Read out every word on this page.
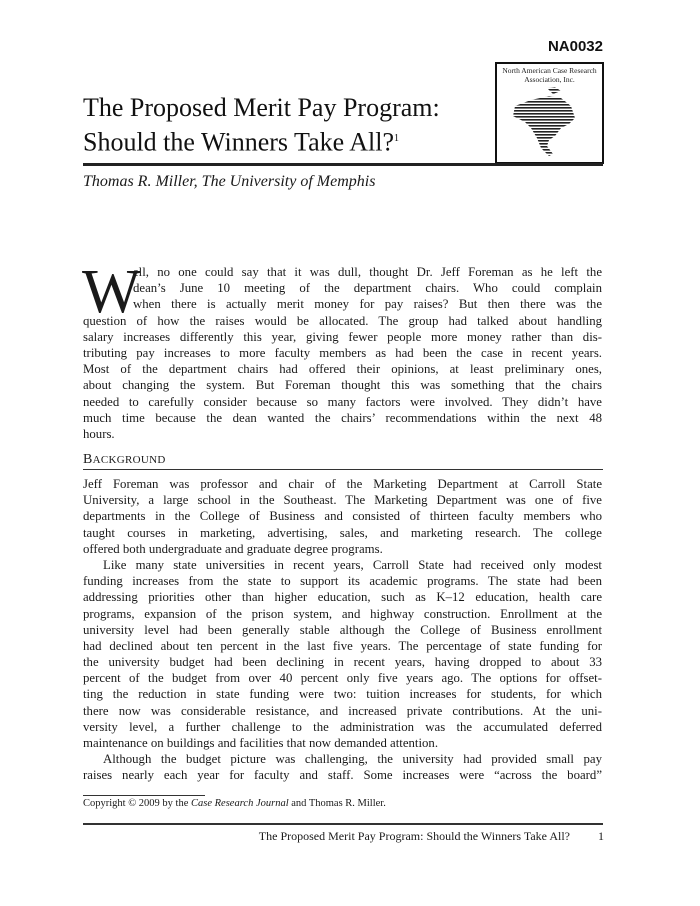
NA0032
North American Case Research Association, Inc.
The Proposed Merit Pay Program:
Should the Winners Take All?$^1$
Thomas R. Miller, The University of Memphis
W
ell, no one could say that it was dull, thought Dr. Jeff Foreman as he left the
dean’s June 10 meeting of the department chairs. Who could complain
when there is actually merit money for pay raises? But then there was the
question of how the raises would be allocated. The group had talked about handling
salary increases differently this year, giving fewer people more money rather than dis-
tributing pay increases to more faculty members as had been the case in recent years.
Most of the department chairs had offered their opinions, at least preliminary ones,
about changing the system. But Foreman thought this was something that the chairs
needed to carefully consider because so many factors were involved. They didn’t have
much time because the dean wanted the chairs’ recommendations within the next 48
hours.
BACKGROUND
Jeff Foreman was professor and chair of the Marketing Department at Carroll State
University, a large school in the Southeast. The Marketing Department was one of five
departments in the College of Business and consisted of thirteen faculty members who
taught courses in marketing, advertising, sales, and marketing research. The college
offered both undergraduate and graduate degree programs.
Like many state universities in recent years, Carroll State had received only modest
funding increases from the state to support its academic programs. The state had been
addressing priorities other than higher education, such as K–12 education, health care
programs, expansion of the prison system, and highway construction. Enrollment at the
university level had been generally stable although the College of Business enrollment
had declined about ten percent in the last five years. The percentage of state funding for
the university budget had been declining in recent years, having dropped to about 33
percent of the budget from over 40 percent only five years ago. The options for offset-
ting the reduction in state funding were two: tuition increases for students, for which
there now was considerable resistance, and increased private contributions. At the uni-
versity level, a further challenge to the administration was the accumulated deferred
maintenance on buildings and facilities that now demanded attention.
Although the budget picture was challenging, the university had provided small pay
raises nearly each year for faculty and staff. Some increases were “across the board”
Copyright © 2009 by the Case Research Journal and Thomas R. Miller.
The Proposed Merit Pay Program: Should the Winners Take All? 1
